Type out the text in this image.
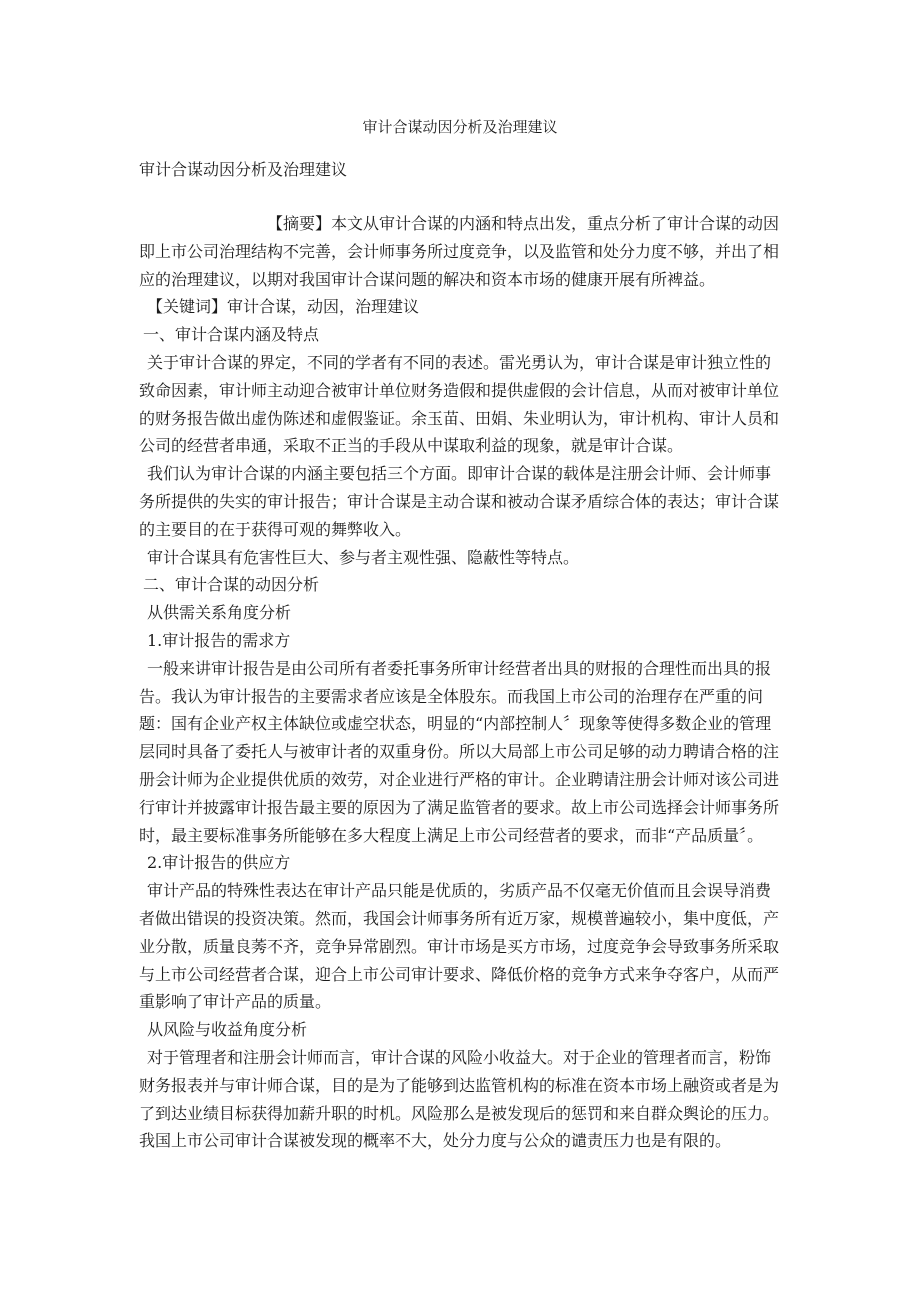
审计合谋动因分析及治理建议

审计合谋动因分析及治理建议

【摘要】本文从审计合谋的内涵和特点出发，重点分析了审计合谋的动因即上市公司治理结构不完善，会计师事务所过度竞争，以及监管和处分力度不够，并出了相应的治理建议，以期对我国审计合谋问题的解决和资本市场的健康开展有所裨益。

【关键词】审计合谋，动因，治理建议

一、审计合谋内涵及特点

关于审计合谋的界定，不同的学者有不同的表述。雷光勇认为，审计合谋是审计独立性的致命因素，审计师主动迎合被审计单位财务造假和提供虚假的会计信息，从而对被审计单位的财务报告做出虚伪陈述和虚假鉴证。余玉苗、田娟、朱业明认为，审计机构、审计人员和公司的经营者串通，采取不正当的手段从中谋取利益的现象，就是审计合谋。

我们认为审计合谋的内涵主要包括三个方面。即审计合谋的载体是注册会计师、会计师事务所提供的失实的审计报告；审计合谋是主动合谋和被动合谋矛盾综合体的表达；审计合谋的主要目的在于获得可观的舞弊收入。

审计合谋具有危害性巨大、参与者主观性强、隐蔽性等特点。

二、审计合谋的动因分析

从供需关系角度分析

1.审计报告的需求方

一般来讲审计报告是由公司所有者委托事务所审计经营者出具的财报的合理性而出具的报告。我认为审计报告的主要需求者应该是全体股东。而我国上市公司的治理存在严重的问题：国有企业产权主体缺位或虚空状态，明显的“内部控制人〞现象等使得多数企业的管理层同时具备了委托人与被审计者的双重身份。所以大局部上市公司足够的动力聘请合格的注册会计师为企业提供优质的效劳，对企业进行严格的审计。企业聘请注册会计师对该公司进行审计并披露审计报告最主要的原因为了满足监管者的要求。故上市公司选择会计师事务所时，最主要标准事务所能够在多大程度上满足上市公司经营者的要求，而非“产品质量〞。

2.审计报告的供应方

审计产品的特殊性表达在审计产品只能是优质的，劣质产品不仅毫无价值而且会误导消费者做出错误的投资决策。然而，我国会计师事务所有近万家，规模普遍较小，集中度低，产业分散，质量良莠不齐，竞争异常剧烈。审计市场是买方市场，过度竞争会导致事务所采取与上市公司经营者合谋，迎合上市公司审计要求、降低价格的竞争方式来争夺客户，从而严重影响了审计产品的质量。

从风险与收益角度分析

对于管理者和注册会计师而言，审计合谋的风险小收益大。对于企业的管理者而言，粉饰财务报表并与审计师合谋，目的是为了能够到达监管机构的标准在资本市场上融资或者是为了到达业绩目标获得加薪升职的时机。风险那么是被发现后的惩罚和来自群众舆论的压力。我国上市公司审计合谋被发现的概率不大，处分力度与公众的谴责压力也是有限的。
